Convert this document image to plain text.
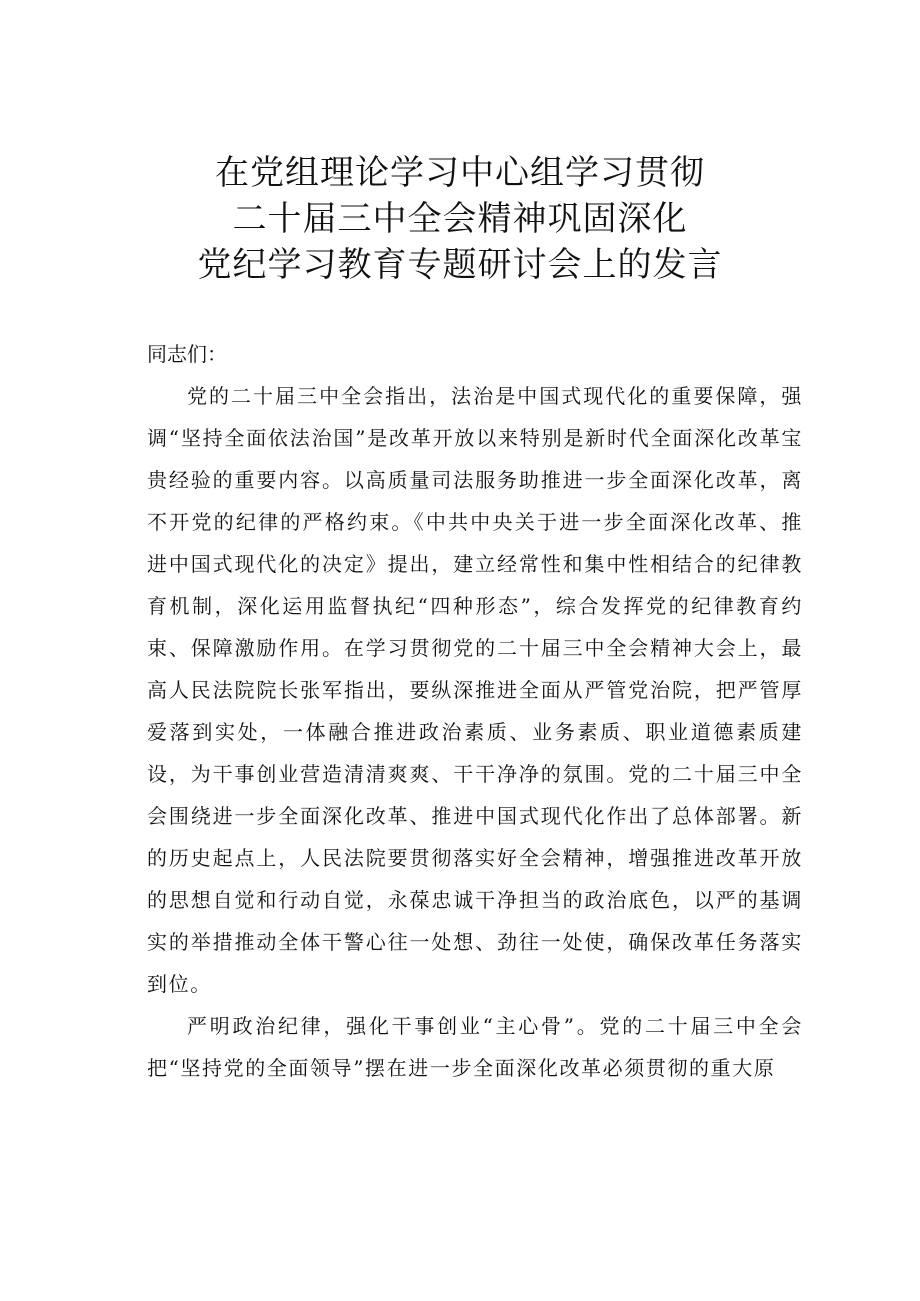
在党组理论学习中心组学习贯彻
二十届三中全会精神巩固深化
党纪学习教育专题研讨会上的发言
同志们：

党的二十届三中全会指出，法治是中国式现代化的重要保障，强调“坚持全面依法治国”是改革开放以来特别是新时代全面深化改革宝贵经验的重要内容。以高质量司法服务助推进一步全面深化改革，离不开党的纪律的严格约束。《中共中央关于进一步全面深化改革、推进中国式现代化的决定》提出，建立经常性和集中性相结合的纪律教育机制，深化运用监督执纪“四种形态”，综合发挥党的纪律教育约束、保障激励作用。在学习贯彻党的二十届三中全会精神大会上，最高人民法院院长张军指出，要纵深推进全面从严管党治院，把严管厚爱落到实处，一体融合推进政治素质、业务素质、职业道德素质建设，为干事创业营造清清爽爽、干干净净的氛围。党的二十届三中全会围绕进一步全面深化改革、推进中国式现代化作出了总体部署。新的历史起点上，人民法院要贯彻落实好全会精神，增强推进改革开放的思想自觉和行动自觉，永葆忠诚干净担当的政治底色，以严的基调实的举措推动全体干警心往一处想、劲往一处使，确保改革任务落实到位。

严明政治纪律，强化干事创业“主心骨”。党的二十届三中全会把“坚持党的全面领导”摆在进一步全面深化改革必须贯彻的重大原
